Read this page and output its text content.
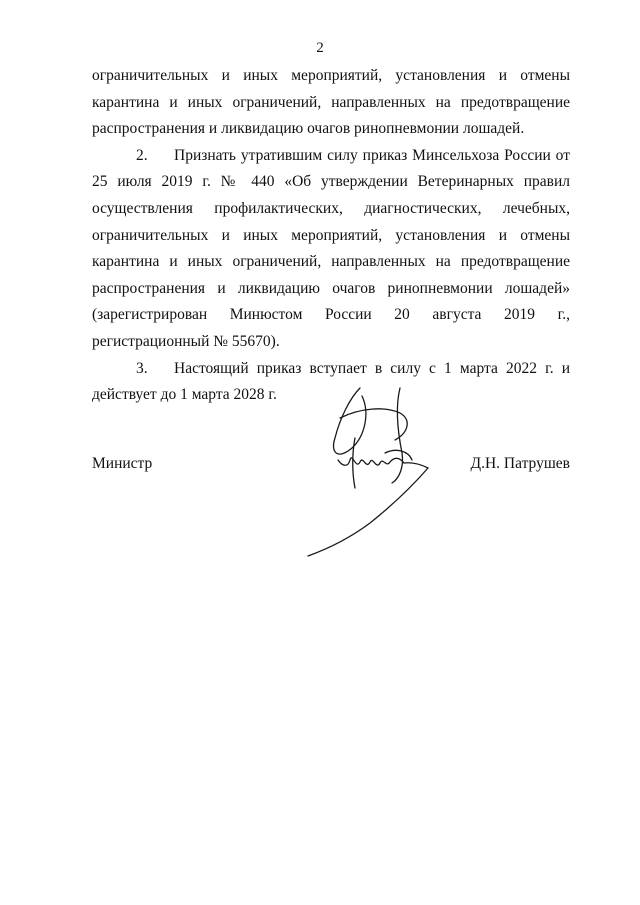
2

ограничительных и иных мероприятий, установления и отмены карантина и иных ограничений, направленных на предотвращение распространения и ликвидацию очагов ринопневмонии лошадей.

2. Признать утратившим силу приказ Минсельхоза России от 25 июля 2019 г. № 440 «Об утверждении Ветеринарных правил осуществления профилактических, диагностических, лечебных, ограничительных и иных мероприятий, установления и отмены карантина и иных ограничений, направленных на предотвращение распространения и ликвидацию очагов ринопневмонии лошадей» (зарегистрирован Минюстом России 20 августа 2019 г., регистрационный № 55670).

3. Настоящий приказ вступает в силу с 1 марта 2022 г. и действует до 1 марта 2028 г.

Министр	Д.Н. Патрушев
